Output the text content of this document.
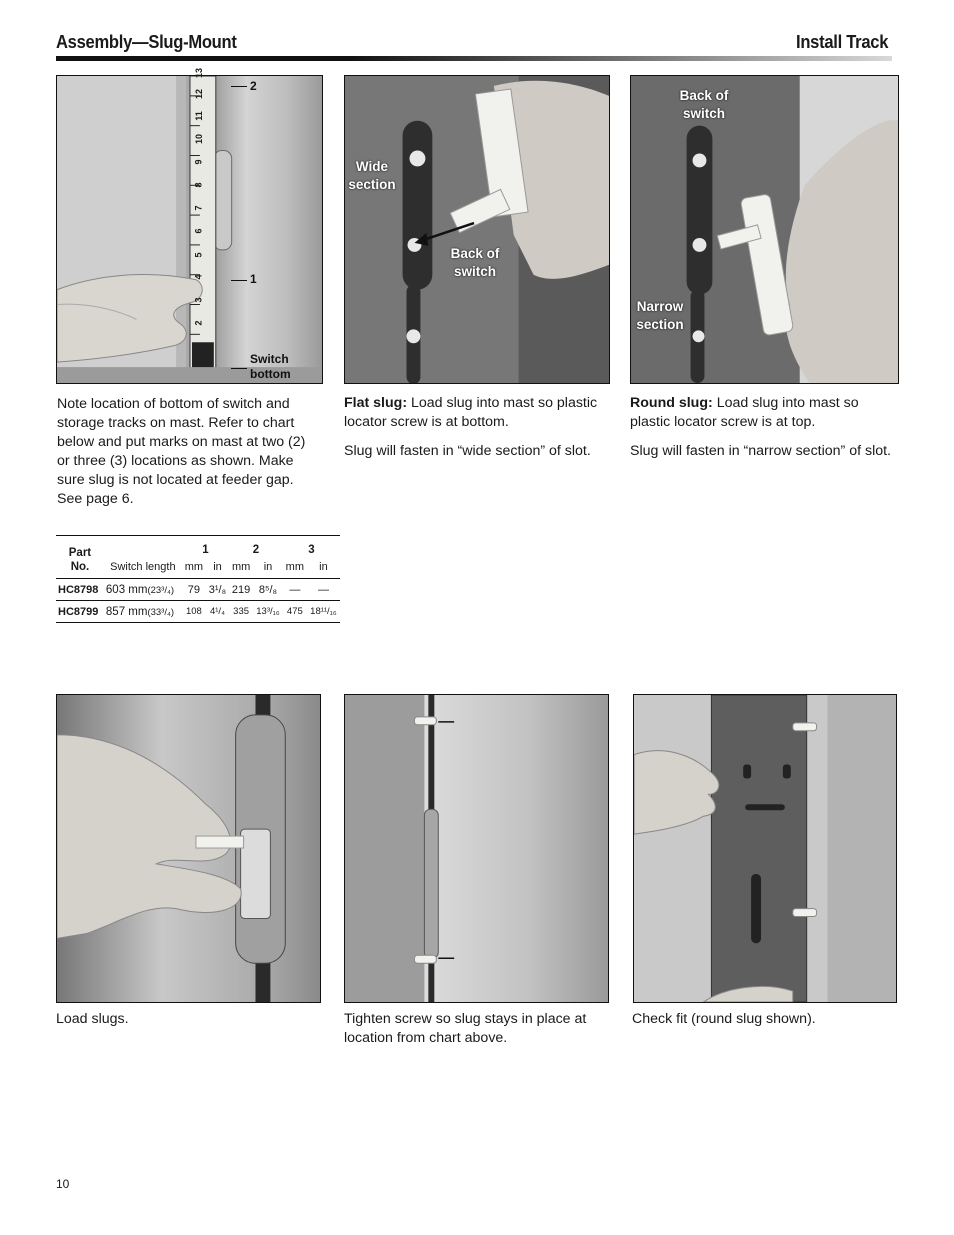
Assembly—Slug-Mount	Install Track
2
3
4
5
6
7
8
9
10
11
12
13
2
1
Switch
bottom
Wide
section
Back of
switch
Back of
switch
Narrow
section

Note location of bottom of switch and storage tracks on mast. Refer to chart below and put marks on mast at two (2) or three (3) locations as shown. Make sure slug is not located at feeder gap. See page 6.

Flat slug: Load slug into mast so plastic locator screw is at bottom.

Slug will fasten in “wide section” of slot.

Round slug: Load slug into mast so plastic locator screw is at top.

Slug will fasten in “narrow section” of slot.

Part
No.		1		2		3	
	Switch length	mm	in	mm	in	mm	in
HC8798	603 mm(23³/₄)	79	3¹/₈	219	8⁵/₈	—	—
HC8799	857 mm(33³/₄)	108	4¹/₄	335	13³/₁₆	475	18¹¹/₁₆

Load slugs.	Tighten screw so slug stays in place at location from chart above.

Check fit (round slug shown).

10
